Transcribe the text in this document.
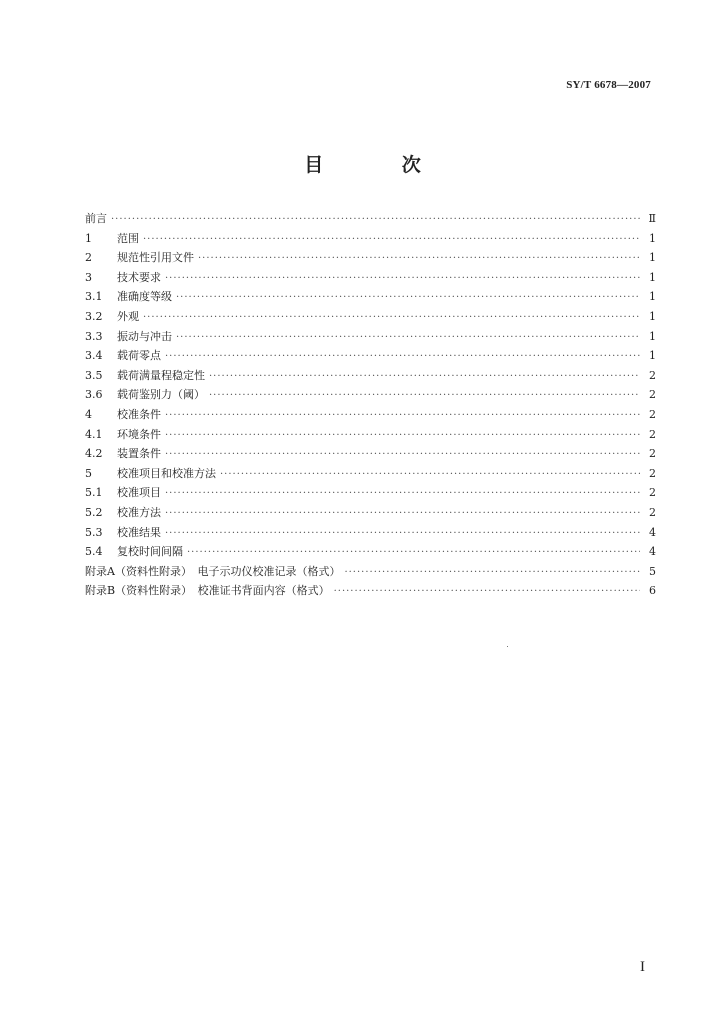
SY/T 6678—2007
目 次
前言 ·····	Ⅱ
1	范围 ·····	1
2	规范性引用文件 ·····	1
3	技术要求 ·····	1
3.1	准确度等级 ·····	1
3.2	外观 ·····	1
3.3	振动与冲击 ·····	1
3.4	载荷零点 ·····	1
3.5	载荷满量程稳定性 ·····	2
3.6	载荷鉴别力（阈） ·····	2
4	校准条件 ·····	2
4.1	环境条件 ·····	2
4.2	装置条件 ·····	2
5	校准项目和校准方法 ·····	2
5.1	校准项目 ·····	2
5.2	校准方法 ·····	2
5.3	校准结果 ·····	4
5.4	复校时间间隔 ·····	4
附录A（资料性附录）　电子示功仪校准记录（格式） ·····	5
附录B（资料性附录）　校准证书背面内容（格式） ·····	6
I
